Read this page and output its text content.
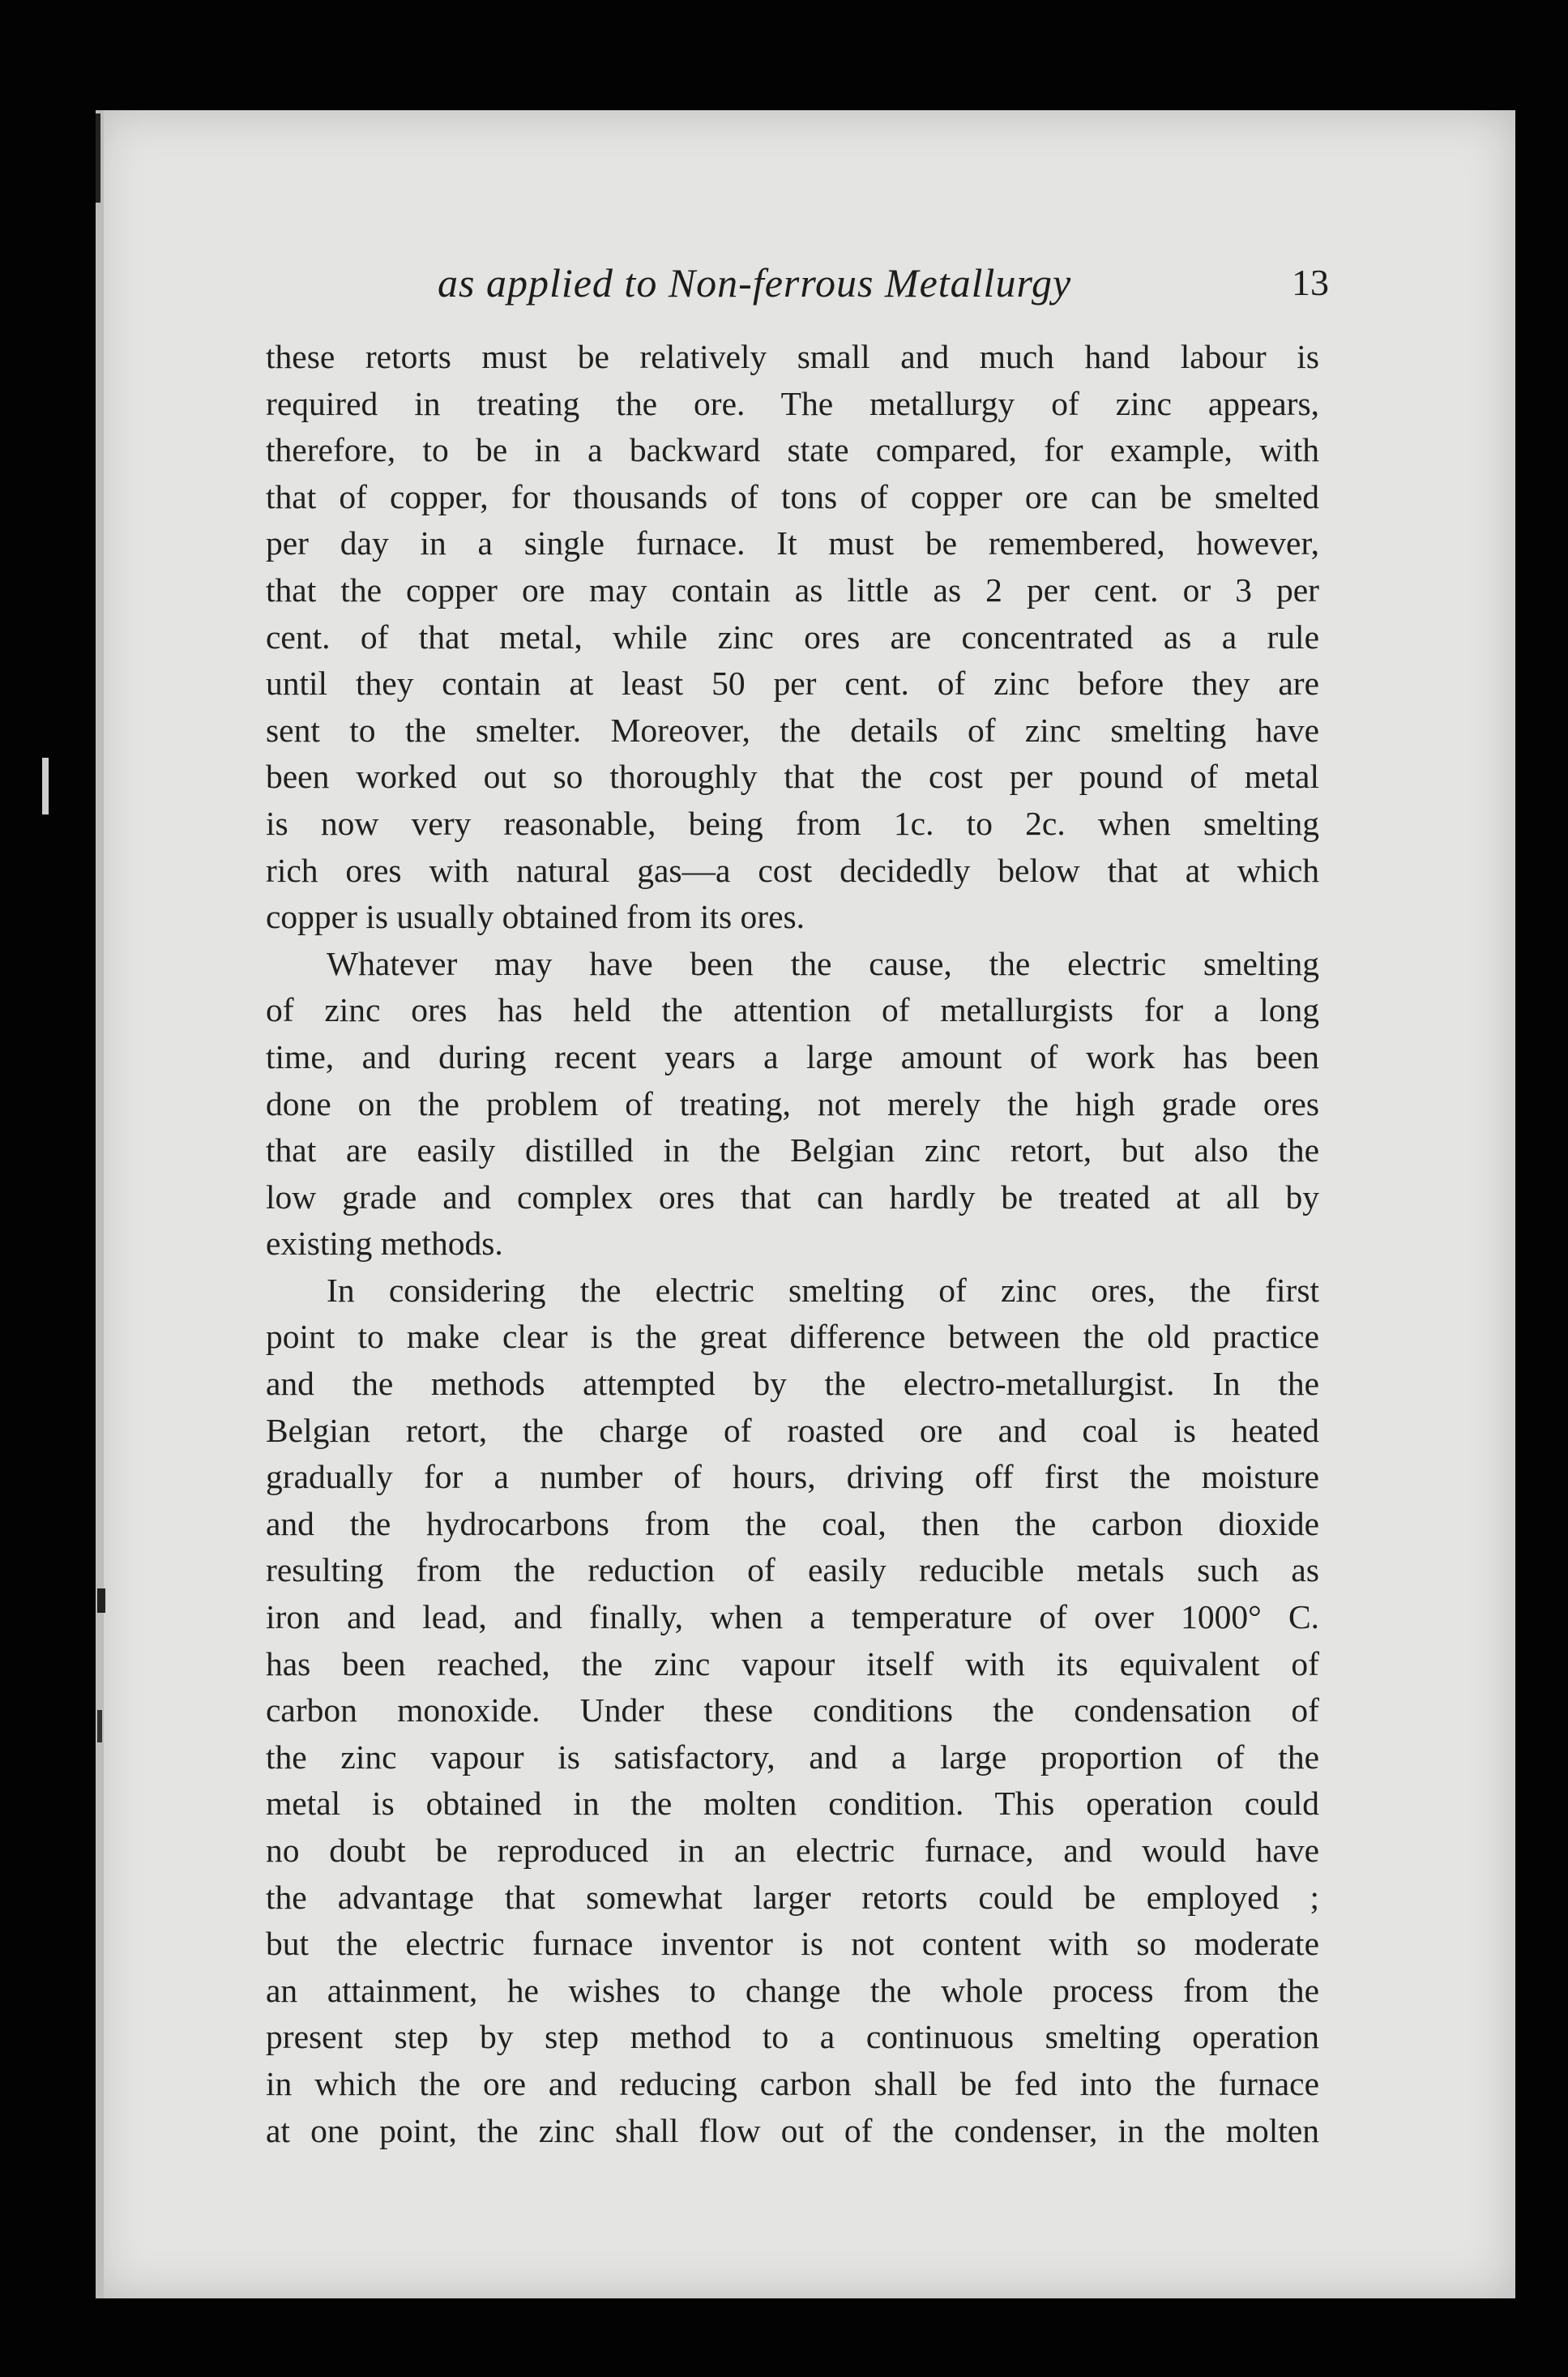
as applied to Non-ferrous Metallurgy	13
these retorts must be relatively small and much hand labour is
required in treating the ore. The metallurgy of zinc appears,
therefore, to be in a backward state compared, for example, with
that of copper, for thousands of tons of copper ore can be smelted
per day in a single furnace. It must be remembered, however,
that the copper ore may contain as little as 2 per cent. or 3 per
cent. of that metal, while zinc ores are concentrated as a rule
until they contain at least 50 per cent. of zinc before they are
sent to the smelter. Moreover, the details of zinc smelting have
been worked out so thoroughly that the cost per pound of metal
is now very reasonable, being from 1c. to 2c. when smelting
rich ores with natural gas—a cost decidedly below that at which
copper is usually obtained from its ores.
Whatever may have been the cause, the electric smelting
of zinc ores has held the attention of metallurgists for a long
time, and during recent years a large amount of work has been
done on the problem of treating, not merely the high grade ores
that are easily distilled in the Belgian zinc retort, but also the
low grade and complex ores that can hardly be treated at all by
existing methods.
In considering the electric smelting of zinc ores, the first
point to make clear is the great difference between the old practice
and the methods attempted by the electro-metallurgist. In the
Belgian retort, the charge of roasted ore and coal is heated
gradually for a number of hours, driving off first the moisture
and the hydrocarbons from the coal, then the carbon dioxide
resulting from the reduction of easily reducible metals such as
iron and lead, and finally, when a temperature of over 1000° C.
has been reached, the zinc vapour itself with its equivalent of
carbon monoxide. Under these conditions the condensation of
the zinc vapour is satisfactory, and a large proportion of the
metal is obtained in the molten condition. This operation could
no doubt be reproduced in an electric furnace, and would have
the advantage that somewhat larger retorts could be employed ;
but the electric furnace inventor is not content with so moderate
an attainment, he wishes to change the whole process from the
present step by step method to a continuous smelting operation
in which the ore and reducing carbon shall be fed into the furnace
at one point, the zinc shall flow out of the condenser, in the molten
